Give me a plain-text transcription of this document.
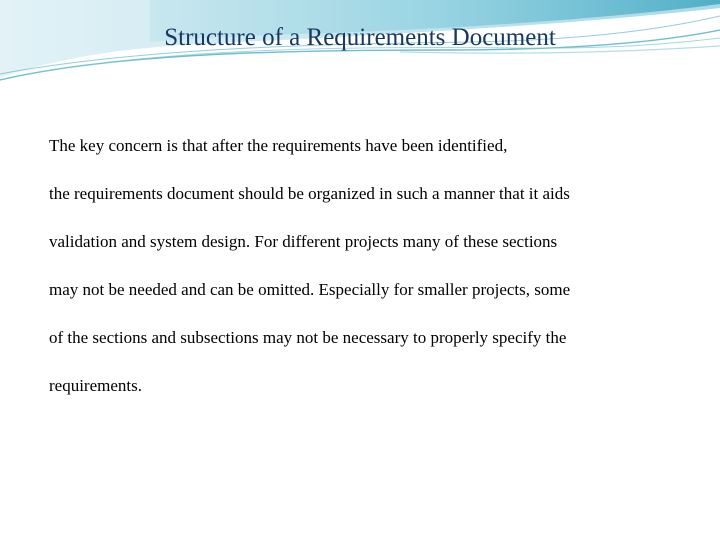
Structure of a Requirements Document
The key concern is that after the requirements have been identified,
the requirements document should be organized in such a manner that it aids
validation and system design. For different projects many of these sections
may not be needed and can be omitted. Especially for smaller projects, some
of the sections and subsections may not be necessary to properly specify the
requirements.
